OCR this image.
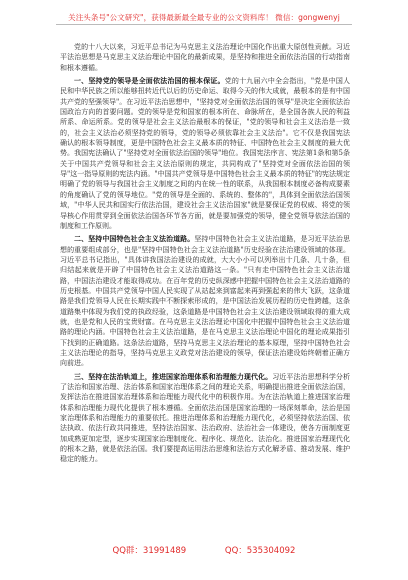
关注头条号"公文研究"，获得最新最全最专业的公文资料库！ 微信：gongwenyj

党的十八大以来，习近平总书记为马克思主义法治理论中国化作出重大原创性贡献。习近平法治思想是马克思主义法治理论中国化的最新成果，是坚持和推进全面依法治国的行动指南和根本遵循。

一、坚持党的领导是全面依法治国的根本保证。党的十九届六中全会指出，"党是中国人民和中华民族之所以能够扭转近代以后的历史命运、取得今天的伟大成就，最根本的是有中国共产党的坚强领导"。在习近平法治思想中，"坚持党对全面依法治国的领导"是决定全面依法治国政治方向的首要问题。党的领导是党和国家的根本所在、命脉所在，是全国各族人民的利益所系、命运所系。党的领导是社会主义法治最根本的保证，"党的领导和社会主义法治是一致的，社会主义法治必须坚持党的领导，党的领导必须依靠社会主义法治"。它不仅是我国宪法确认的根本领导制度，更是中国特色社会主义最本质的特征、中国特色社会主义制度的最大优势。我国宪法确认了"坚持党对全面依法治国的领导"地位。我国宪法序言、宪法第1条和第5条关于中国共产党领导和社会主义法治原则的规定，共同构成了"坚持党对全面依法治国的领导"这一指导原则的宪法内涵。"中国共产党领导是中国特色社会主义最本质的特征"的宪法规定明确了党的领导与我国社会主义制度之间的内在统一性的联系，从我国根本制度必备构成要素的角度确认了党的领导地位。"党的领导是全面的、系统的、整体的"，具体到全面依法治国领域，"中华人民共和国实行依法治国，建设社会主义法治国家"就是要保证党的权威、将党的领导核心作用贯穿到全面依法治国各环节各方面，就是要加强党的领导，健全党领导依法治国的制度和工作原则。

二、坚持中国特色社会主义法治道路。坚持中国特色社会主义法治道路，是习近平法治思想的重要组成部分，也是"坚持中国特色社会主义法治道路"历史经验在法治建设领域的体现。习近平总书记指出，"具体讲我国法治建设的成就，大大小小可以列举出十几条、几十条，但归结起来就是开辟了中国特色社会主义法治道路这一条。"只有走中国特色社会主义法治道路，中国法治建设才能取得成功。在百年党的历史纵深感中把握中国特色社会主义法治道路的历史根基。中国共产党领导中国人民实现了从站起来到富起来再到强起来的伟大飞跃，这条道路是我们党领导人民在长期实践中不断探索形成的，是中国法治发展历程的历史性跨越，这条道路集中体现为我们党的执政经验，这条道路是中国特色社会主义法治建设领域取得的重大成就，也是党和人民的宝贵财富。在马克思主义法治理论中国化中把握中国特色社会主义法治道路的理论内涵。中国特色社会主义法治道路，是在马克思主义法治理论中国化的理论成果指引下找到的正确道路。这条法治道路，坚持马克思主义法治理论的基本原理，坚持中国特色社会主义法治理论的指导，坚持马克思主义政党对法治建设的领导，保证法治建设始终朝着正确方向前进。

三、坚持在法治轨道上，推进国家治理体系和治理能力现代化。习近平法治思想科学分析了法治和国家治理、法治体系和国家治理体系之间的理论关系，明确提出推进全面依法治国，发挥法治在推进国家治理体系和治理能力现代化中的积极作用。为在法治轨道上推进国家治理体系和治理能力现代化提供了根本遵循。全面依法治国是国家治理的一场深刻革命，法治是国家治理体系和治理能力的重要依托。推进治理体系和治理能力现代化，必须坚持依法治国、依法执政、依法行政共同推进，坚持法治国家、法治政府、法治社会一体建设，使各方面制度更加成熟更加定型，逐步实现国家治理制度化、程序化、规范化、法治化。推进国家治理现代化的根本之路，就是依法治国。我们要提高运用法治思维和法治方式化解矛盾、推动发展、维护稳定的能力。

QQ群：31991489	QQ：535304092
